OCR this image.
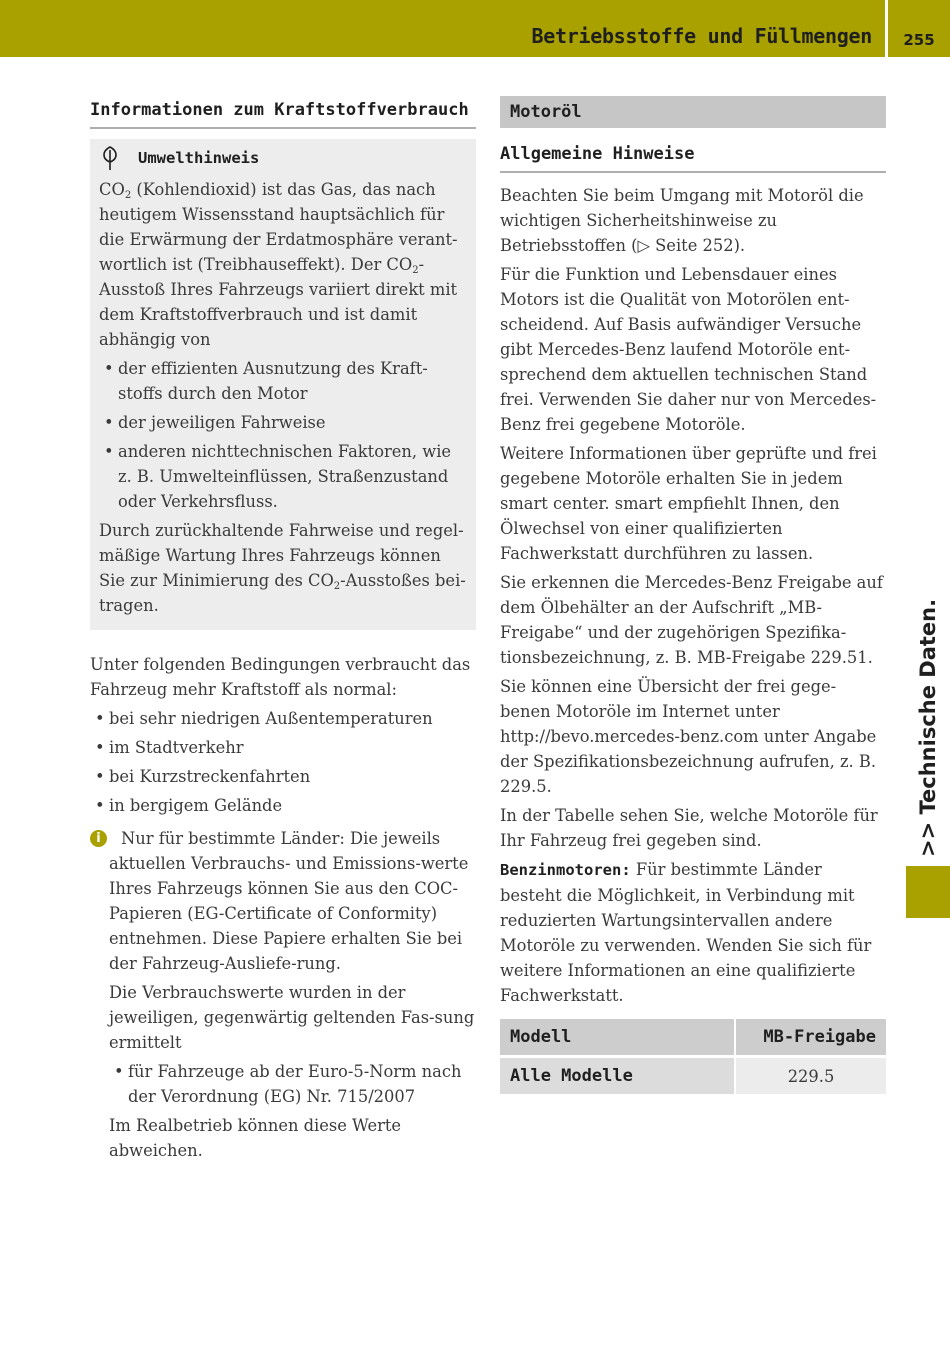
Betriebsstoffe und Füllmengen	255
>> Technische Daten.
Informationen zum Kraftstoffverbrauch
Umwelthinweis

$CO_2$ (Kohlendioxid) ist das Gas, das nach heutigem Wissensstand hauptsächlich für die Erwärmung der Erdatmosphäre verant-wortlich ist (Treibhauseffekt). Der $CO_2$-Ausstoß Ihres Fahrzeugs variiert direkt mit dem Kraftstoffverbrauch und ist damit abhängig von

• der effizienten Ausnutzung des Kraft-stoffs durch den Motor
• der jeweiligen Fahrweise
• anderen nichttechnischen Faktoren, wie z. B. Umwelteinflüssen, Straßenzustand oder Verkehrsfluss.

Durch zurückhaltende Fahrweise und regel-mäßige Wartung Ihres Fahrzeugs können Sie zur Minimierung des $CO_2$-Ausstoßes bei-tragen.

Unter folgenden Bedingungen verbraucht das Fahrzeug mehr Kraftstoff als normal:

• bei sehr niedrigen Außentemperaturen
• im Stadtverkehr
• bei Kurzstreckenfahrten
• in bergigem Gelände
i	Nur für bestimmte Länder: Die jeweils aktuellen Verbrauchs- und Emissions-werte Ihres Fahrzeugs können Sie aus den COC-Papieren (EG-Certificate of Conformity) entnehmen. Diese Papiere erhalten Sie bei der Fahrzeug-Ausliefe-rung.

Die Verbrauchswerte wurden in der jeweiligen, gegenwärtig geltenden Fas-sung ermittelt

• für Fahrzeuge ab der Euro-5-Norm nach der Verordnung (EG) Nr. 715/2007

Im Realbetrieb können diese Werte abweichen.

Motoröl
Allgemeine Hinweise

Beachten Sie beim Umgang mit Motoröl die wichtigen Sicherheitshinweise zu Betriebsstoffen (▷ Seite 252).

Für die Funktion und Lebensdauer eines Motors ist die Qualität von Motorölen ent-scheidend. Auf Basis aufwändiger Versuche gibt Mercedes-Benz laufend Motoröle ent-sprechend dem aktuellen technischen Stand frei. Verwenden Sie daher nur von Mercedes-Benz frei gegebene Motoröle.

Weitere Informationen über geprüfte und frei gegebene Motoröle erhalten Sie in jedem smart center. smart empfiehlt Ihnen, den Ölwechsel von einer qualifizierten Fachwerkstatt durchführen zu lassen.

Sie erkennen die Mercedes-Benz Freigabe auf dem Ölbehälter an der Aufschrift „MB-Freigabe“ und der zugehörigen Spezifika-tionsbezeichnung, z. B. MB-Freigabe 229.51.

Sie können eine Übersicht der frei gege-benen Motoröle im Internet unter http://bevo.mercedes-benz.com unter Angabe der Spezifikationsbezeichnung aufrufen, z. B. 229.5.

In der Tabelle sehen Sie, welche Motoröle für Ihr Fahrzeug frei gegeben sind.

Benzinmotoren: Für bestimmte Länder besteht die Möglichkeit, in Verbindung mit reduzierten Wartungsintervallen andere Motoröle zu verwenden. Wenden Sie sich für weitere Informationen an eine qualifizierte Fachwerkstatt.

Modell	MB-Freigabe
Alle Modelle	229.5
